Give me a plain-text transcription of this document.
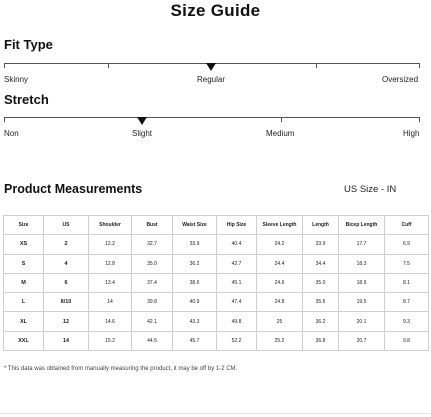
Size Guide
Fit Type
Skinny	Regular	Oversized
Stretch
Non	Slight	Medium	High
Product Measurements	US Size - IN
Size	US	Shoulder	Bust	Waist Size	Hip Size	Sleeve Length	Length	Bicep Length	Cuff
XS	2	12.2	32.7	33.9	40.4	24.2	33.9	17.7	6.9
S	4	12.8	35.0	36.2	42.7	24.4	34.4	18.3	7.5
M	6	13.4	37.4	38.6	45.1	24.6	35.0	18.9	8.1
L	8/10	14	39.8	40.9	47.4	24.8	35.6	19.5	8.7
XL	12	14.6	42.1	43.3	49.8	25	36.2	20.1	9.3
XXL	14	15.2	44.5	45.7	52.2	25.2	36.8	20.7	9.8
* This data was obtained from manually measuring the product, it may be off by 1-2 CM.
